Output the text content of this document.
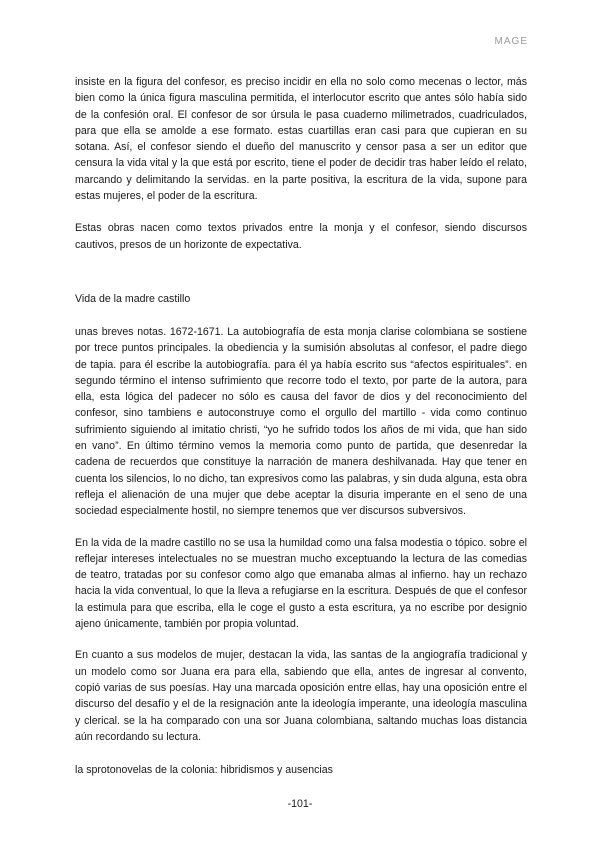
MAGE

insiste en la figura del confesor, es preciso incidir en ella no solo como mecenas o lector, más bien como la única figura masculina permitida, el interlocutor escrito que antes sólo había sido de la confesión oral. El confesor de sor úrsula le pasa cuaderno milimetrados, cuadriculados, para que ella se amolde a ese formato. estas cuartillas eran casi para que cupieran en su sotana. Así, el confesor siendo el dueño del manuscrito y censor pasa a ser un editor que censura la vida vital y la que está por escrito, tiene el poder de decidir tras haber leído el relato, marcando y delimitando la servidas. en la parte positiva, la escritura de la vida, supone para estas mujeres, el poder de la escritura.

Estas obras nacen como textos privados entre la monja y el confesor, siendo discursos cautivos, presos de un horizonte de expectativa.

Vida de la madre castillo

unas breves notas. 1672-1671. La autobiografía de esta monja clarise colombiana se sostiene por trece puntos principales. la obediencia y la sumisión absolutas al confesor, el padre diego de tapia. para él escribe la autobiografía. para él ya había escrito sus “afectos espirituales”. en segundo término el intenso sufrimiento que recorre todo el texto, por parte de la autora, para ella, esta lógica del padecer no sólo es causa del favor de dios y del reconocimiento del confesor, sino tambiens e autoconstruye como el orgullo del martillo - vida como continuo sufrimiento siguiendo al imitatio christi, “yo he sufrido todos los años de mi vida, que han sido en vano”. En último término vemos la memoria como punto de partida, que desenredar la cadena de recuerdos que constituye la narración de manera deshilvanada. Hay que tener en cuenta los silencios, lo no dicho, tan expresivos como las palabras, y sin duda alguna, esta obra refleja el alienación de una mujer que debe aceptar la disuria imperante en el seno de una sociedad especialmente hostil, no siempre tenemos que ver discursos subversivos.

En la vida de la madre castillo no se usa la humildad como una falsa modestia o tópico. sobre el reflejar intereses intelectuales no se muestran mucho exceptuando la lectura de las comedias de teatro, tratadas por su confesor como algo que emanaba almas al infierno. hay un rechazo hacia la vida conventual, lo que la lleva a refugiarse en la escritura. Después de que el confesor la estimula para que escriba, ella le coge el gusto a esta escritura, ya no escribe por designio ajeno únicamente, también por propia voluntad.

En cuanto a sus modelos de mujer, destacan la vida, las santas de la angiografía tradicional y un modelo como sor Juana era para ella, sabiendo que ella, antes de ingresar al convento, copió varias de sus poesías. Hay una marcada oposición entre ellas, hay una oposición entre el discurso del desafío y el de la resignación ante la ideología imperante, una ideología masculina y clerical. se la ha comparado con una sor Juana colombiana, saltando muchas loas distancia aún recordando su lectura.

la sprotonovelas de la colonia: hibridismos y ausencias

-101-
